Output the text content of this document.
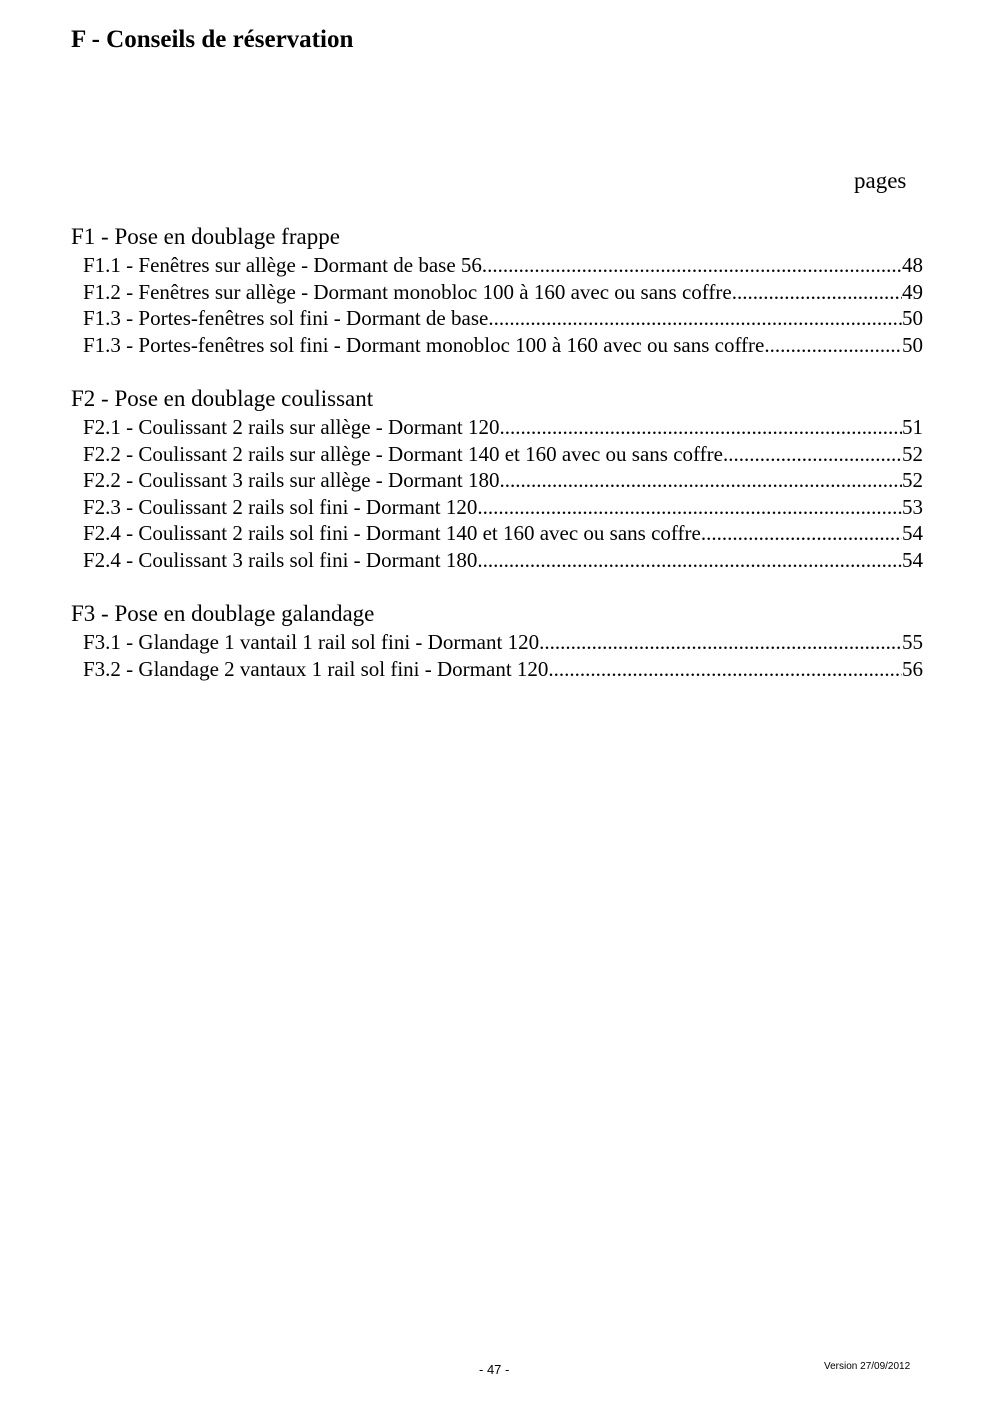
F - Conseils de réservation
pages
F1 - Pose en doublage frappe
F1.1 - Fenêtres sur allège - Dormant de base 56 .....	48
F1.2 - Fenêtres sur allège - Dormant monobloc 100 à 160 avec ou sans coffre .....	49
F1.3 - Portes-fenêtres sol fini - Dormant de base .....	50
F1.3 - Portes-fenêtres sol fini - Dormant monobloc 100 à 160 avec ou sans coffre .....	50
F2 - Pose en doublage coulissant
F2.1 - Coulissant 2 rails sur allège - Dormant 120 .....	51
F2.2 - Coulissant 2 rails sur allège - Dormant 140 et 160 avec ou sans coffre .....	52
F2.2 - Coulissant 3 rails sur allège - Dormant 180 .....	52
F2.3 - Coulissant 2 rails sol fini - Dormant 120 .....	53
F2.4 - Coulissant 2 rails sol fini - Dormant 140 et 160 avec ou sans coffre .....	54
F2.4 - Coulissant 3 rails sol fini - Dormant 180 .....	54
F3 - Pose en doublage galandage
F3.1 - Glandage 1 vantail 1 rail sol fini - Dormant 120 .....	55
F3.2 - Glandage 2 vantaux 1 rail sol fini - Dormant 120 .....	56
- 47 -	Version 27/09/2012
